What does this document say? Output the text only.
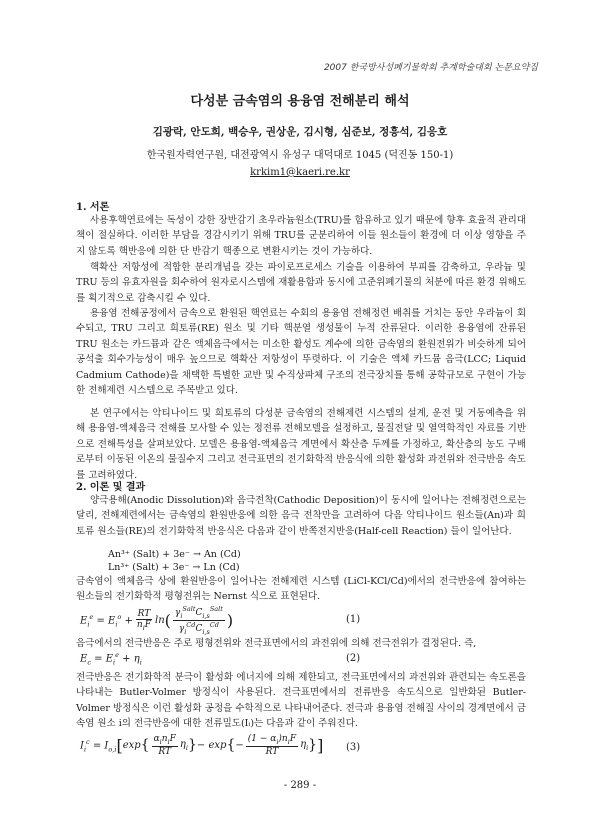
2007 한국방사성폐기물학회 추계학술대회 논문요약집
다성분 금속염의 용융염 전해분리 해석
김광락, 안도희, 백승우, 권상운, 김시형, 심준보, 정흥석, 김응호
한국원자력연구원, 대전광역시 유성구 대덕대로 1045 (덕진동 150-1)
krkim1@kaeri.re.kr
1. 서론

사용후핵연료에는 독성이 강한 장반감기 초우라늄원소(TRU)를 함유하고 있기 때문에 향후 효율적 관리대책이 절실하다. 이러한 부담을 경감시키기 위해 TRU를 군분리하여 이들 원소들이 환경에 더 이상 영향을 주지 않도록 핵반응에 의한 단 반감기 핵종으로 변환시키는 것이 가능하다.

핵확산 저항성에 적합한 분리개념을 갖는 파이로프로세스 기술을 이용하여 부피를 감축하고, 우라늄 및 TRU 등의 유효자원을 회수하여 원자로시스템에 재활용함과 동시에 고준위폐기물의 처분에 따른 환경 위해도를 획기적으로 감축시킬 수 있다.

용융염 전해공정에서 금속으로 환원된 핵연료는 수회의 용융염 전해정련 배취를 거치는 동안 우라늄이 회수되고, TRU 그리고 희토류(RE) 원소 및 기타 핵분열 생성물이 누적 잔류된다. 이러한 용융염에 잔류된 TRU 원소는 카드뮴과 같은 액체음극에서는 미소한 활성도 계수에 의한 금속염의 환원전위가 비슷하게 되어 공석출 회수가능성이 매우 높으므로 핵확산 저항성이 뚜렷하다. 이 기술은 액체 카드뮴 음극(LCC; Liquid Cadmium Cathode)을 채택한 특별한 교반 및 수직상파체 구조의 전극장치를 통해 공학규모로 구현이 가능한 전해제련 시스템으로 주목받고 있다.

본 연구에서는 악티나이드 및 희토류의 다성분 금속염의 전해제련 시스템의 설계, 운전 및 거동예측을 위해 용융염-액체음극 전해를 모사할 수 있는 정전류 전해모델을 설정하고, 물질전달 및 열역학적인 자료를 기반으로 전해특성을 살펴보았다. 모델은 용융염-액체음극 계면에서 확산층 두께를 가정하고, 확산층의 농도 구배로부터 이동된 이온의 물질수지 그리고 전극표면의 전기화학적 반응식에 의한 활성화 과전위와 전극반응 속도를 고려하였다.

2. 이론 및 결과

양극용해(Anodic Dissolution)와 음극전착(Cathodic Deposition)이 동시에 일어나는 전해정련으로는 달리, 전해제련에서는 금속염의 환원반응에 의한 음극 전착만을 고려하여 다음 악티나이드 원소들(An)과 희토류 원소들(RE)의 전기화학적 반응식은 다음과 같이 반쪽전지반응(Half-cell Reaction) 들이 일어난다.

An³⁺ (Salt) + 3e⁻ → An (Cd)
Ln³⁺ (Salt) + 3e⁻ → Ln (Cd)

금속염이 액체음극 상에 환원반응이 일어나는 전해제련 시스템 (LiCl-KCl/Cd)에서의 전극반응에 참여하는 원소들의 전기화학적 평형전위는 Nernst 식으로 표현된다.

$E_i^e = E_i^o + \frac{RT}{n_iF}$ ln ( $\frac{\gamma_i^{Salt}C_{i,s}^{Salt}}{\gamma_i^{Cd}C_{i,s}^{Cd}}$ )	(1)

음극에서의 전극반응은 주로 평형전위와 전극표면에서의 과전위에 의해 전극전위가 결정된다. 즉,

$E_c = E_i^e + \eta_i$	(2)

전극반응은 전기화학적 분극이 활성화 에너지에 의해 제한되고, 전극표면에서의 과전위와 관련되는 속도론을 나타내는 Butler-Volmer 방정식이 사용된다. 전극표면에서의 전류반응 속도식으로 일반화된 Butler-Volmer 방정식은 이런 활성화 공정을 수학적으로 나타내어준다. 전극과 용융염 전해질 사이의 경계면에서 금속염 원소 i의 전극반응에 대한 전류밀도(Iᵢ)는 다음과 같이 주워진다.

$I_i^c = I_{o,i}$ [ exp { $\frac{\alpha_in_iF}{RT} \eta_i$ } − exp { − $\frac{(1 - \alpha_i)n_iF}{RT} \eta_i$ } ] (3)
- 289 -
